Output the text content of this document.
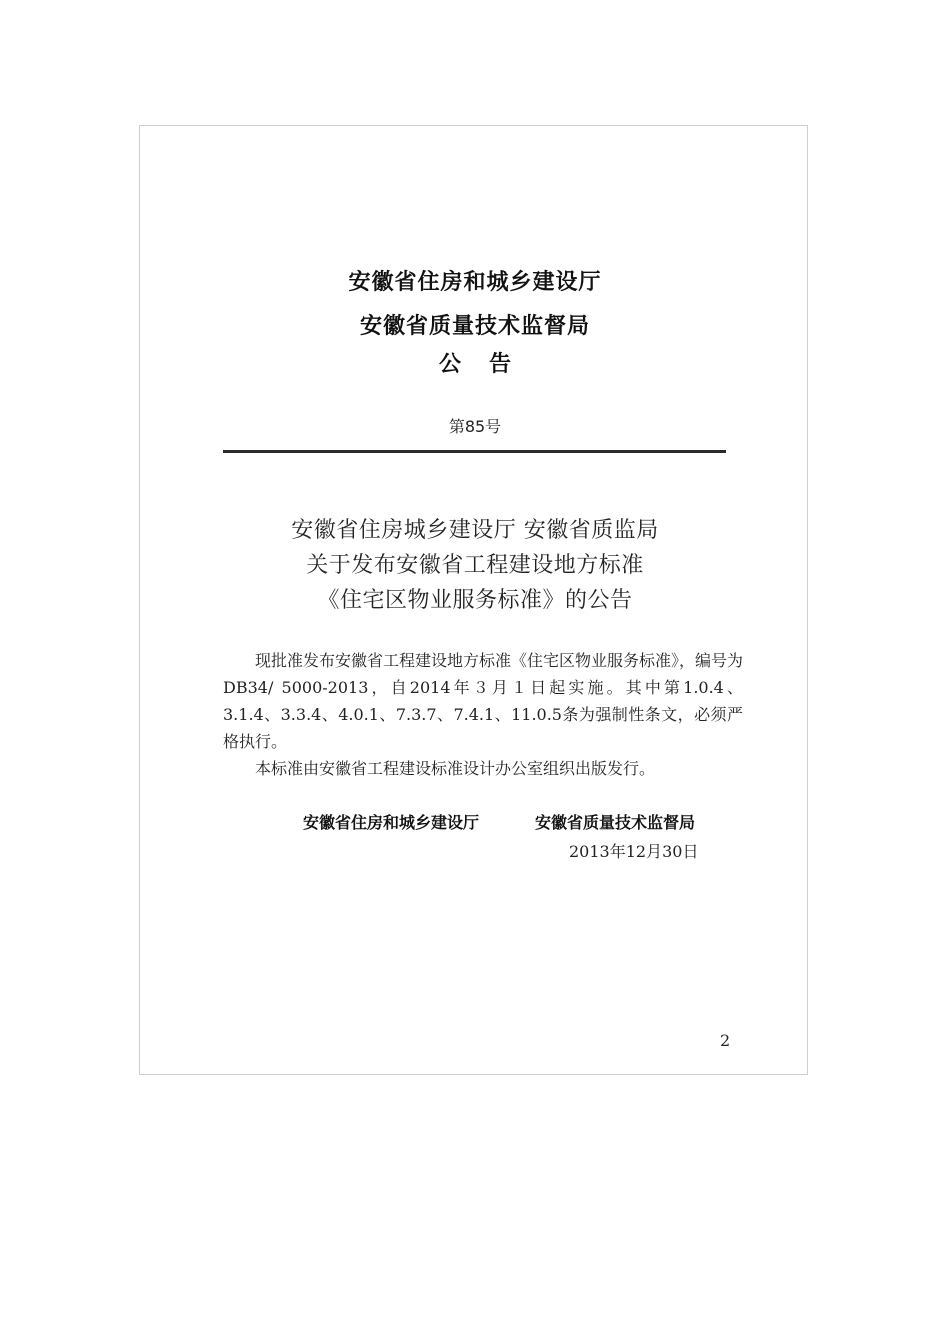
安徽省住房和城乡建设厅
安徽省质量技术监督局
公告
第85号
安徽省住房城乡建设厅 安徽省质监局
关于发布安徽省工程建设地方标准
《住宅区物业服务标准》的公告

现批准发布安徽省工程建设地方标准《住宅区物业服务标准》，编号为DB34/ 5000-2013，自2014年３月１日起实施。其中第1.0.4、3.1.4、3.3.4、4.0.1、7.3.7、7.4.1、11.0.5条为强制性条文，必须严格执行。

本标准由安徽省工程建设标准设计办公室组织出版发行。

安徽省住房和城乡建设厅	安徽省质量技术监督局
2013年12月30日
2
